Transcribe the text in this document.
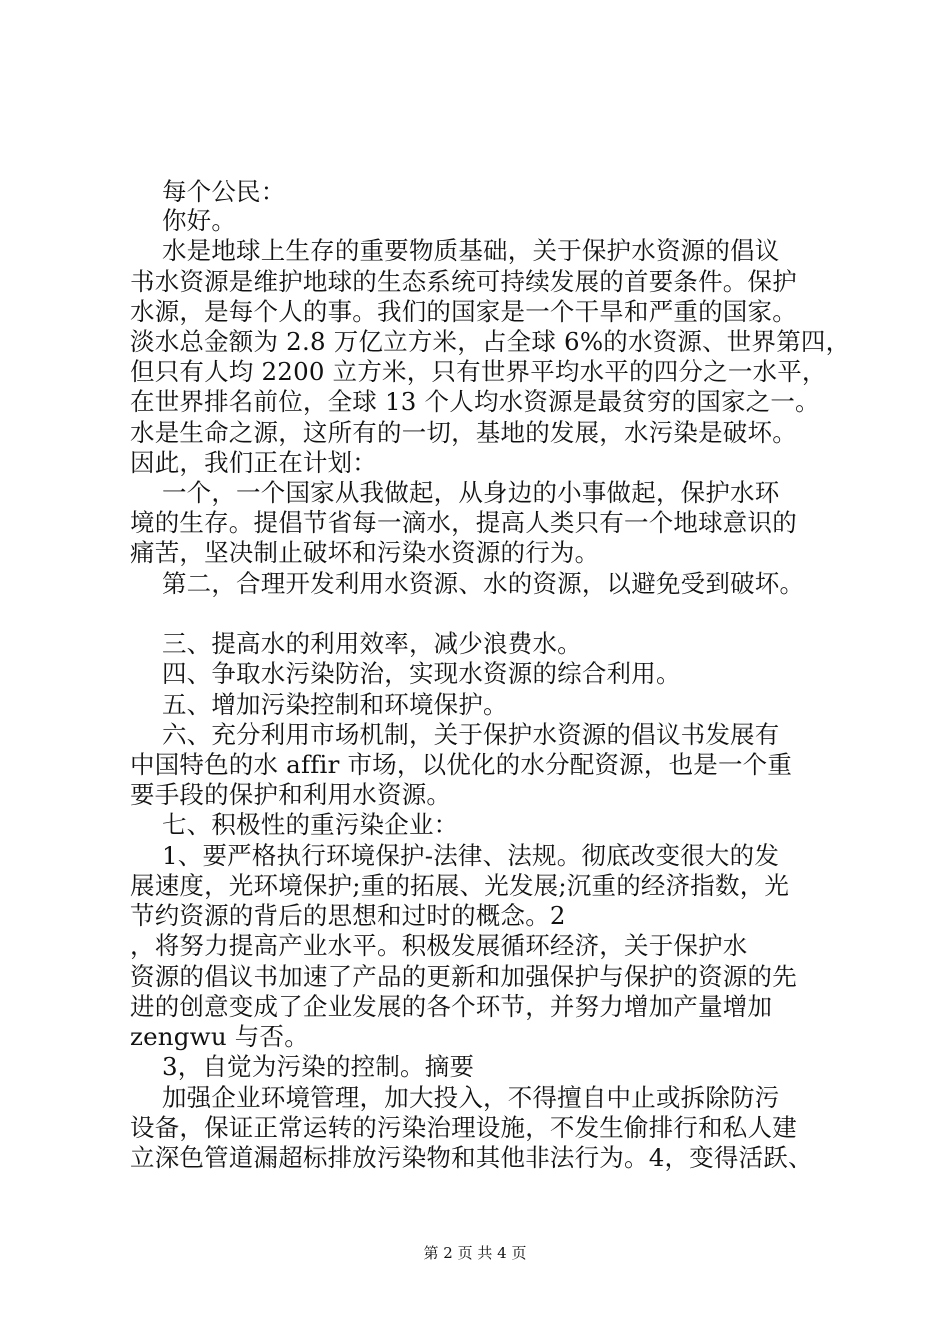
每个公民：
你好。
水是地球上生存的重要物质基础，关于保护水资源的倡议
书水资源是维护地球的生态系统可持续发展的首要条件。保护
水源，是每个人的事。我们的国家是一个干旱和严重的国家。
淡水总金额为 2.8 万亿立方米，占全球 6%的水资源、世界第四，
但只有人均 2200 立方米，只有世界平均水平的四分之一水平，
在世界排名前位，全球 13 个人均水资源是最贫穷的国家之一。
水是生命之源，这所有的一切，基地的发展，水污染是破坏。
因此，我们正在计划：
一个，一个国家从我做起，从身边的小事做起，保护水环
境的生存。提倡节省每一滴水，提高人类只有一个地球意识的
痛苦，坚决制止破坏和污染水资源的行为。
第二，合理开发利用水资源、水的资源，以避免受到破坏。
三、提高水的利用效率，减少浪费水。
四、争取水污染防治，实现水资源的综合利用。
五、增加污染控制和环境保护。
六、充分利用市场机制，关于保护水资源的倡议书发展有
中国特色的水 affir 市场，以优化的水分配资源，也是一个重
要手段的保护和利用水资源。
七、积极性的重污染企业：
1、要严格执行环境保护-法律、法规。彻底改变很大的发
展速度，光环境保护;重的拓展、光发展;沉重的经济指数，光
节约资源的背后的思想和过时的概念。2
，将努力提高产业水平。积极发展循环经济，关于保护水
资源的倡议书加速了产品的更新和加强保护与保护的资源的先
进的创意变成了企业发展的各个环节，并努力增加产量增加
zengwu 与否。
3，自觉为污染的控制。摘要
加强企业环境管理，加大投入，不得擅自中止或拆除防污
设备，保证正常运转的污染治理设施，不发生偷排行和私人建
立深色管道漏超标排放污染物和其他非法行为。4，变得活跃、
第 2 页 共 4 页
